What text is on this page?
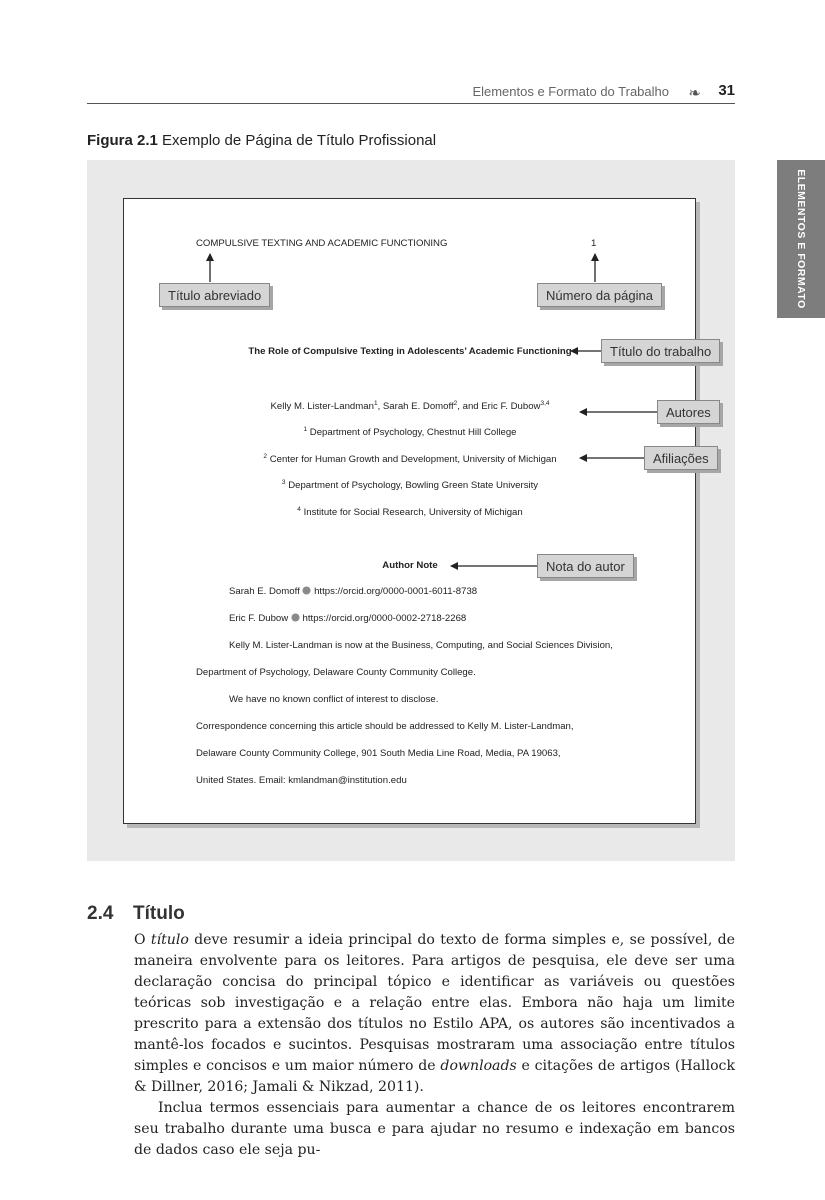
Elementos e Formato do Trabalho ❧ 31
ELEMENTOS E FORMATO
Figura 2.1 Exemplo de Página de Título Profissional
COMPULSIVE TEXTING AND ACADEMIC FUNCTIONING	1
The Role of Compulsive Texting in Adolescents’ Academic Functioning
Kelly M. Lister-Landman$^1$, Sarah E. Domoff$^2$, and Eric F. Dubow$^{3,4}$
$^1$ Department of Psychology, Chestnut Hill College
$^2$ Center for Human Growth and Development, University of Michigan
$^3$ Department of Psychology, Bowling Green State University
$^4$ Institute for Social Research, University of Michigan
Author Note
Sarah E. Domoff https://orcid.org/0000-0001-6011-8738
Eric F. Dubow https://orcid.org/0000-0002-2718-2268
Kelly M. Lister-Landman is now at the Business, Computing, and Social Sciences Division,
Department of Psychology, Delaware County Community College.
We have no known conflict of interest to disclose.
Correspondence concerning this article should be addressed to Kelly M. Lister-Landman,
Delaware County Community College, 901 South Media Line Road, Media, PA 19063,
United States. Email: kmlandman@institution.edu
Título abreviado	Número da página
Título do trabalho
Autores
Afiliações
Nota do autor
2.4 Título

O título deve resumir a ideia principal do texto de forma simples e, se possível, de maneira envolvente para os leitores. Para artigos de pesquisa, ele deve ser uma declaração concisa do principal tópico e identificar as variáveis ou questões teóricas sob investigação e a relação entre elas. Embora não haja um limite prescrito para a extensão dos títulos no Estilo APA, os autores são incentivados a mantê-los focados e sucintos. Pesquisas mostraram uma associação entre títulos simples e concisos e um maior número de downloads e citações de artigos (Hallock & Dillner, 2016; Jamali & Nikzad, 2011).

Inclua termos essenciais para aumentar a chance de os leitores encontrarem seu trabalho durante uma busca e para ajudar no resumo e indexação em bancos de dados caso ele seja pu-
